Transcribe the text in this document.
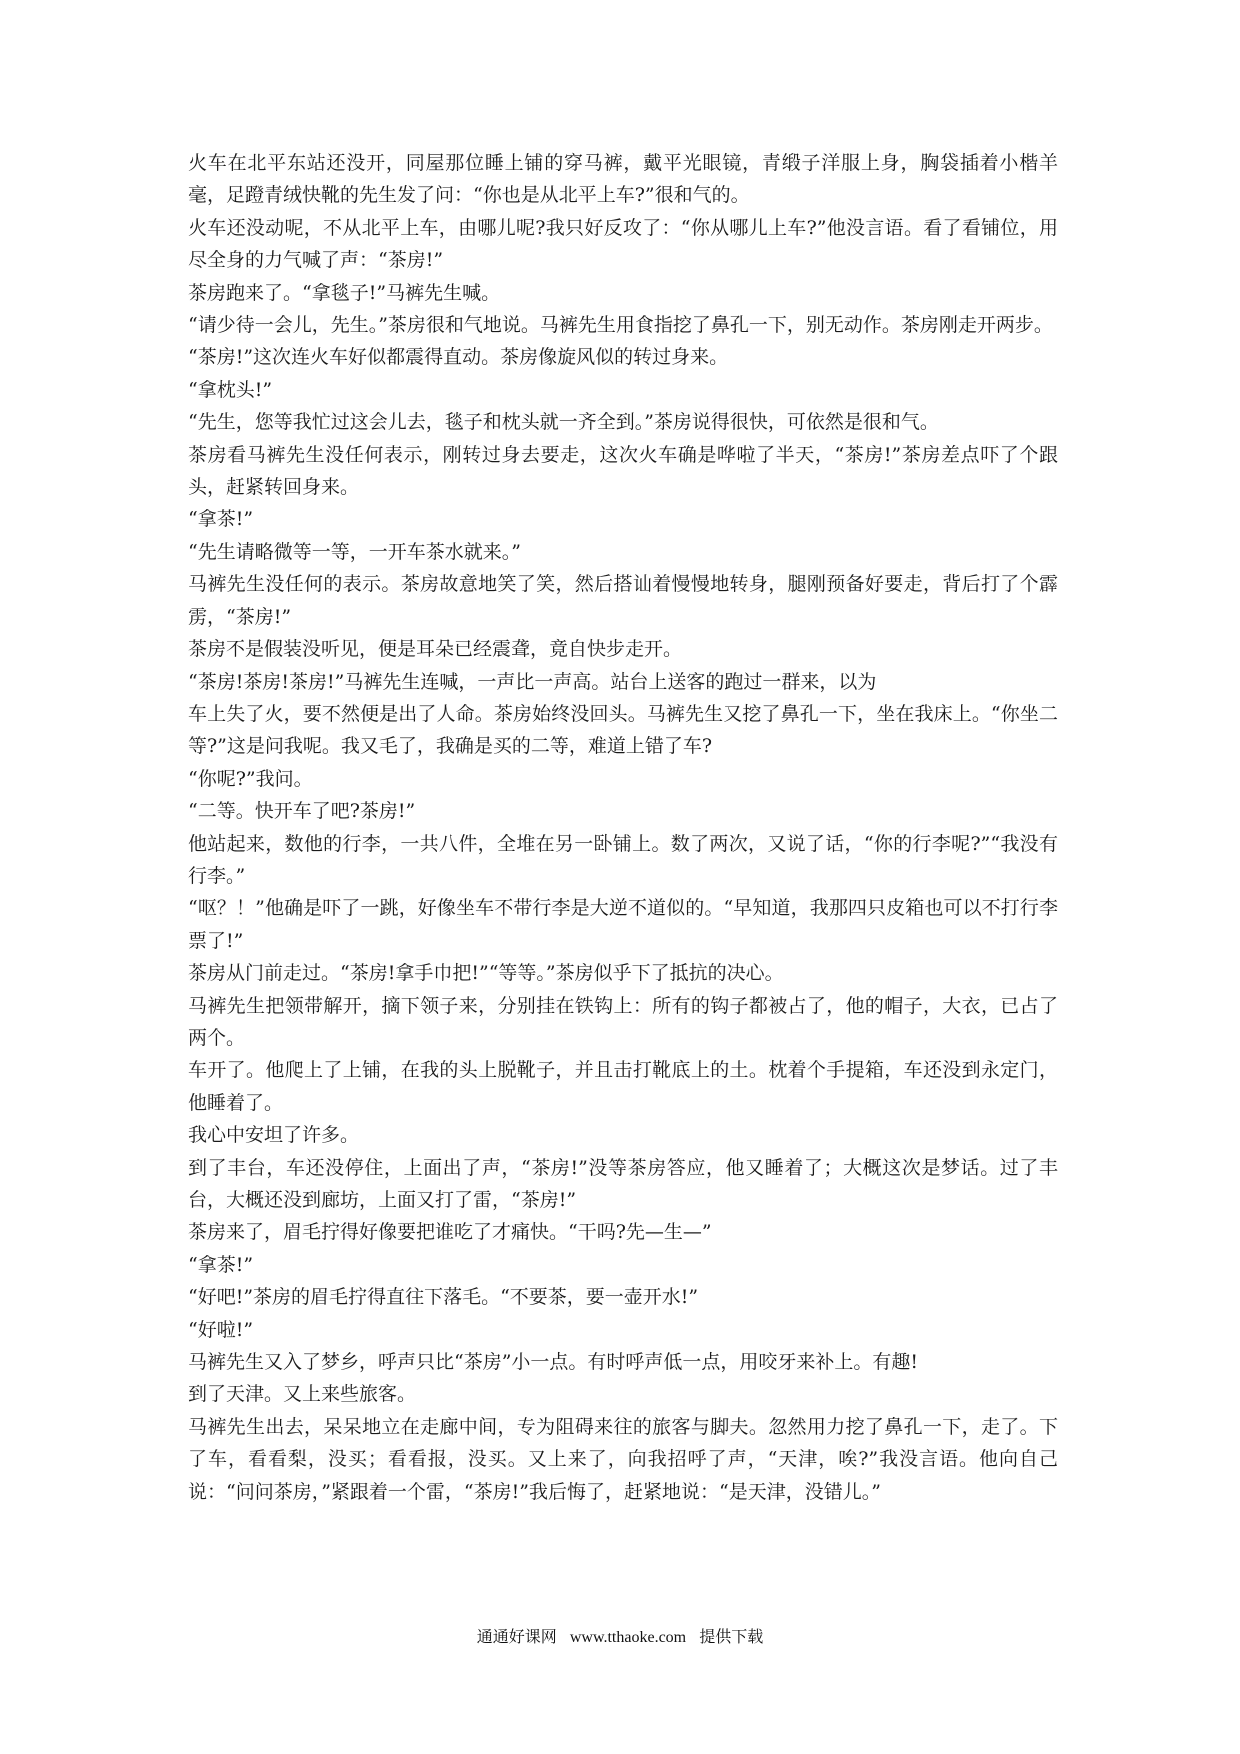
火车在北平东站还没开，同屋那位睡上铺的穿马裤，戴平光眼镜，青缎子洋服上身，胸袋插着小楷羊毫，足蹬青绒快靴的先生发了问：“你也是从北平上车?”很和气的。

火车还没动呢，不从北平上车，由哪儿呢?我只好反攻了：“你从哪儿上车?”他没言语。看了看铺位，用尽全身的力气喊了声：“茶房!”

茶房跑来了。“拿毯子!”马裤先生喊。

“请少待一会儿，先生。”茶房很和气地说。马裤先生用食指挖了鼻孔一下，别无动作。茶房刚走开两步。

“茶房!”这次连火车好似都震得直动。茶房像旋风似的转过身来。

“拿枕头!”

“先生，您等我忙过这会儿去，毯子和枕头就一齐全到。”茶房说得很快，可依然是很和气。

茶房看马裤先生没任何表示，刚转过身去要走，这次火车确是哗啦了半天，“茶房!”茶房差点吓了个跟头，赶紧转回身来。

“拿茶!”

“先生请略微等一等，一开车茶水就来。”

马裤先生没任何的表示。茶房故意地笑了笑，然后搭讪着慢慢地转身，腿刚预备好要走，背后打了个霹雳，“茶房!”

茶房不是假装没听见，便是耳朵已经震聋，竟自快步走开。

“茶房!茶房!茶房!”马裤先生连喊，一声比一声高。站台上送客的跑过一群来，以为

车上失了火，要不然便是出了人命。茶房始终没回头。马裤先生又挖了鼻孔一下，坐在我床上。“你坐二等?”这是问我呢。我又毛了，我确是买的二等，难道上错了车?

“你呢?”我问。

“二等。快开车了吧?茶房!”

他站起来，数他的行李，一共八件，全堆在另一卧铺上。数了两次，又说了话，“你的行李呢?”“我没有行李。”

“呕？！”他确是吓了一跳，好像坐车不带行李是大逆不道似的。“早知道，我那四只皮箱也可以不打行李票了!”

茶房从门前走过。“茶房!拿手巾把!”“等等。”茶房似乎下了抵抗的决心。

马裤先生把领带解开，摘下领子来，分别挂在铁钩上：所有的钩子都被占了，他的帽子，大衣，已占了两个。

车开了。他爬上了上铺，在我的头上脱靴子，并且击打靴底上的土。枕着个手提箱，车还没到永定门，他睡着了。

我心中安坦了许多。

到了丰台，车还没停住，上面出了声，“茶房!”没等茶房答应，他又睡着了；大概这次是梦话。过了丰台，大概还没到廊坊，上面又打了雷，“茶房!”

茶房来了，眉毛拧得好像要把谁吃了才痛快。“干吗?先—生—”

“拿茶!”

“好吧!”茶房的眉毛拧得直往下落毛。“不要茶，要一壶开水!”

“好啦!”

马裤先生又入了梦乡，呼声只比“茶房”小一点。有时呼声低一点，用咬牙来补上。有趣!

到了天津。又上来些旅客。

马裤先生出去，呆呆地立在走廊中间，专为阻碍来往的旅客与脚夫。忽然用力挖了鼻孔一下，走了。下了车，看看梨，没买；看看报，没买。又上来了，向我招呼了声，“天津，唉?”我没言语。他向自己说：“问问茶房，”紧跟着一个雷，“茶房!”我后悔了，赶紧地说：“是天津，没错儿。”

通通好课网 www.tthaoke.com 提供下载
